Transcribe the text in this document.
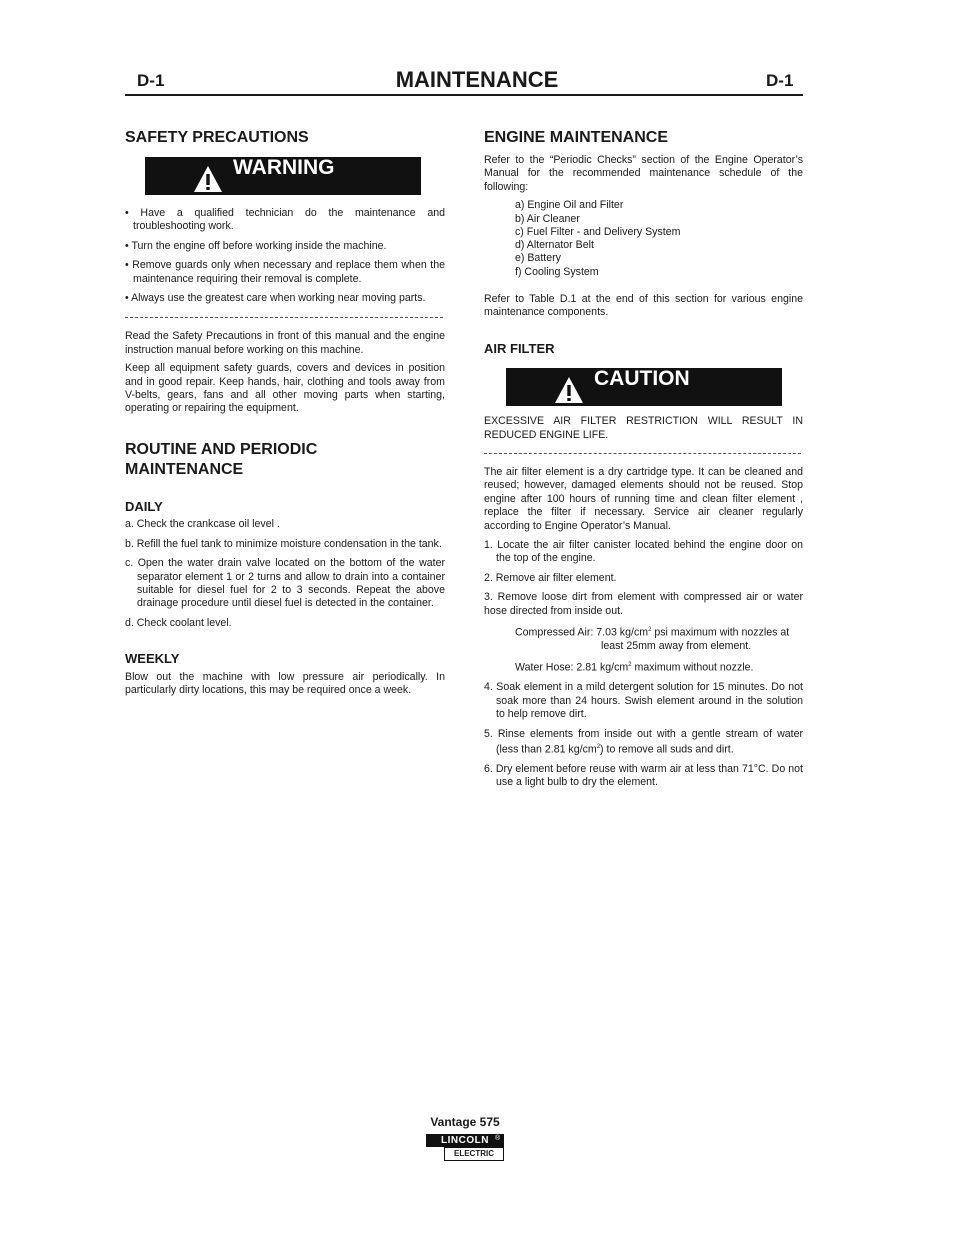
D-1	MAINTENANCE	D-1
SAFETY PRECAUTIONS
WARNING
• Have a qualified technician do the maintenance and troubleshooting work.
• Turn the engine off before working inside the machine.
• Remove guards only when necessary and replace them when the maintenance requiring their removal is complete.
• Always use the greatest care when working near moving parts.

Read the Safety Precautions in front of this manual and the engine instruction manual before working on this machine.

Keep all equipment safety guards, covers and devices in position and in good repair. Keep hands, hair, clothing and tools away from V-belts, gears, fans and all other moving parts when starting, operating or repairing the equipment.

ROUTINE AND PERIODIC
MAINTENANCE
DAILY
a. Check the crankcase oil level .
b. Refill the fuel tank to minimize moisture condensation in the tank.
c. Open the water drain valve located on the bottom of the water separator element 1 or 2 turns and allow to drain into a container suitable for diesel fuel for 2 to 3 seconds. Repeat the above drainage procedure until diesel fuel is detected in the container.
d. Check coolant level.
WEEKLY

Blow out the machine with low pressure air periodically. In particularly dirty locations, this may be required once a week.

ENGINE MAINTENANCE

Refer to the “Periodic Checks” section of the Engine Operator’s Manual for the recommended maintenance schedule of the following:

a) Engine Oil and Filter
b) Air Cleaner
c) Fuel Filter - and Delivery System
d) Alternator Belt
e) Battery
f) Cooling System

Refer to Table D.1 at the end of this section for various engine maintenance components.

AIR FILTER
CAUTION

EXCESSIVE AIR FILTER RESTRICTION WILL RESULT IN REDUCED ENGINE LIFE.

The air filter element is a dry cartridge type. It can be cleaned and reused; however, damaged elements should not be reused. Stop engine after 100 hours of running time and clean filter element , replace the filter if necessary. Service air cleaner regularly according to Engine Operator’s Manual.

1. Locate the air filter canister located behind the engine door on the top of the engine.
2. Remove air filter element.

3. Remove loose dirt from element with compressed air or water hose directed from inside out.

Compressed Air: 7.03 $kg/cm^2$ psi maximum with nozzles at
least 25mm away from element.
Water Hose: 2.81 $kg/cm^2$ maximum without nozzle.
4. Soak element in a mild detergent solution for 15 minutes. Do not soak more than 24 hours. Swish element around in the solution to help remove dirt.
5. Rinse elements from inside out with a gentle stream of water (less than 2.81 $kg/cm^2$) to remove all suds and dirt.
6. Dry element before reuse with warm air at less than 71°C. Do not use a light bulb to dry the element.
Vantage 575
LINCOLN ®
ELECTRIC
